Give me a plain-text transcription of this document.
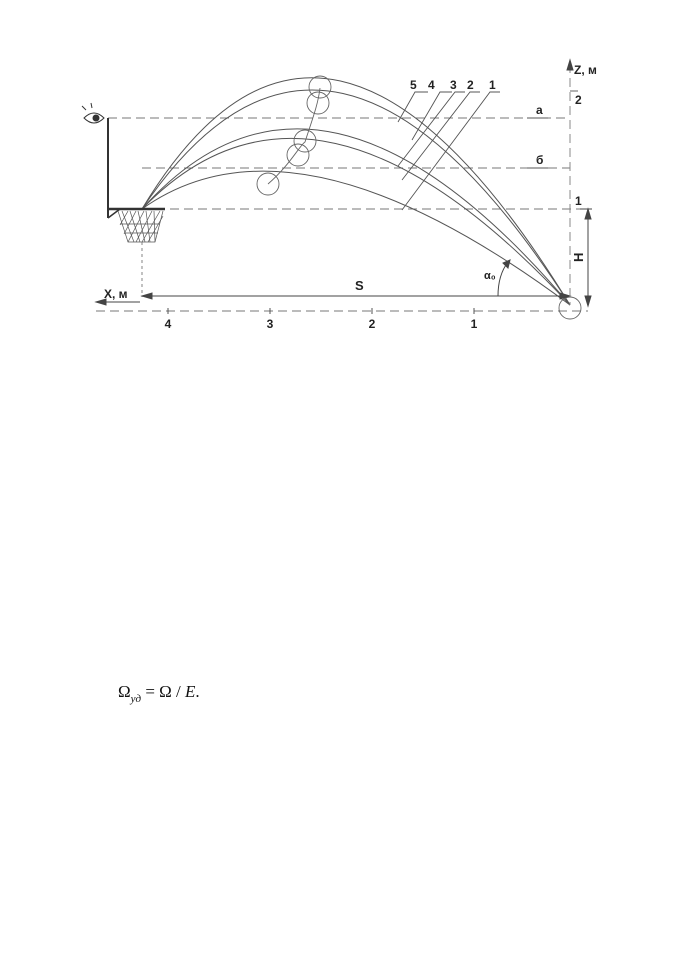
4	3	2	1
2
1
Z, м
X, м
5 4 3 2 1
а
б
S
H
α₀
$\Omega_{уд} = \Omega / E$.
